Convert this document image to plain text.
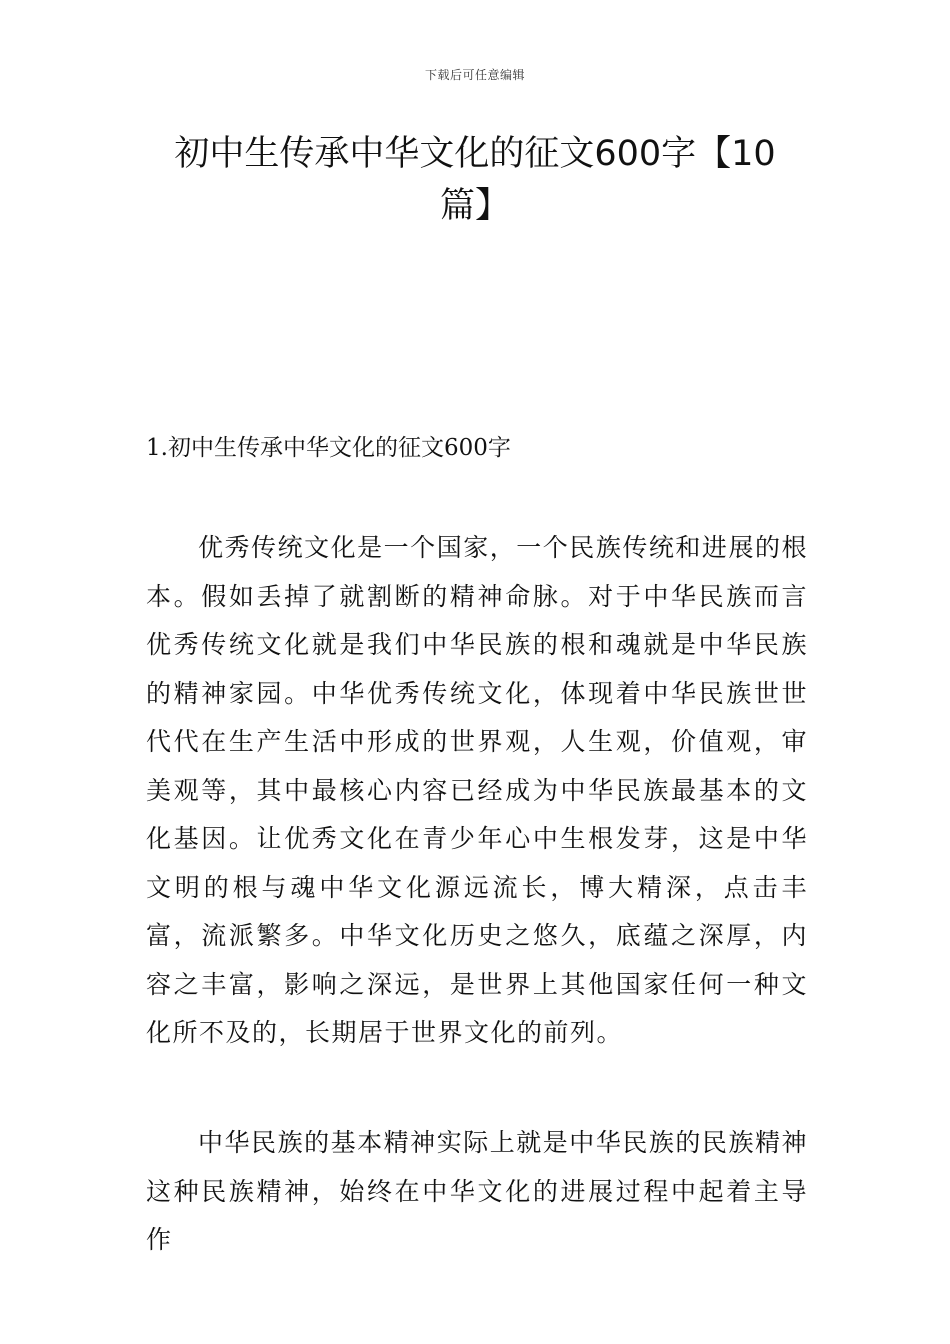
下载后可任意编辑
初中生传承中华文化的征文600字【10篇】
1.初中生传承中华文化的征文600字

优秀传统文化是一个国家，一个民族传统和进展的根本。假如丢掉了就割断的精神命脉。对于中华民族而言优秀传统文化就是我们中华民族的根和魂就是中华民族的精神家园。中华优秀传统文化，体现着中华民族世世代代在生产生活中形成的世界观，人生观，价值观，审美观等，其中最核心内容已经成为中华民族最基本的文化基因。让优秀文化在青少年心中生根发芽，这是中华文明的根与魂中华文化源远流长，博大精深，点击丰富，流派繁多。中华文化历史之悠久，底蕴之深厚，内容之丰富，影响之深远，是世界上其他国家任何一种文化所不及的，长期居于世界文化的前列。

中华民族的基本精神实际上就是中华民族的民族精神这种民族精神，始终在中华文化的进展过程中起着主导作
